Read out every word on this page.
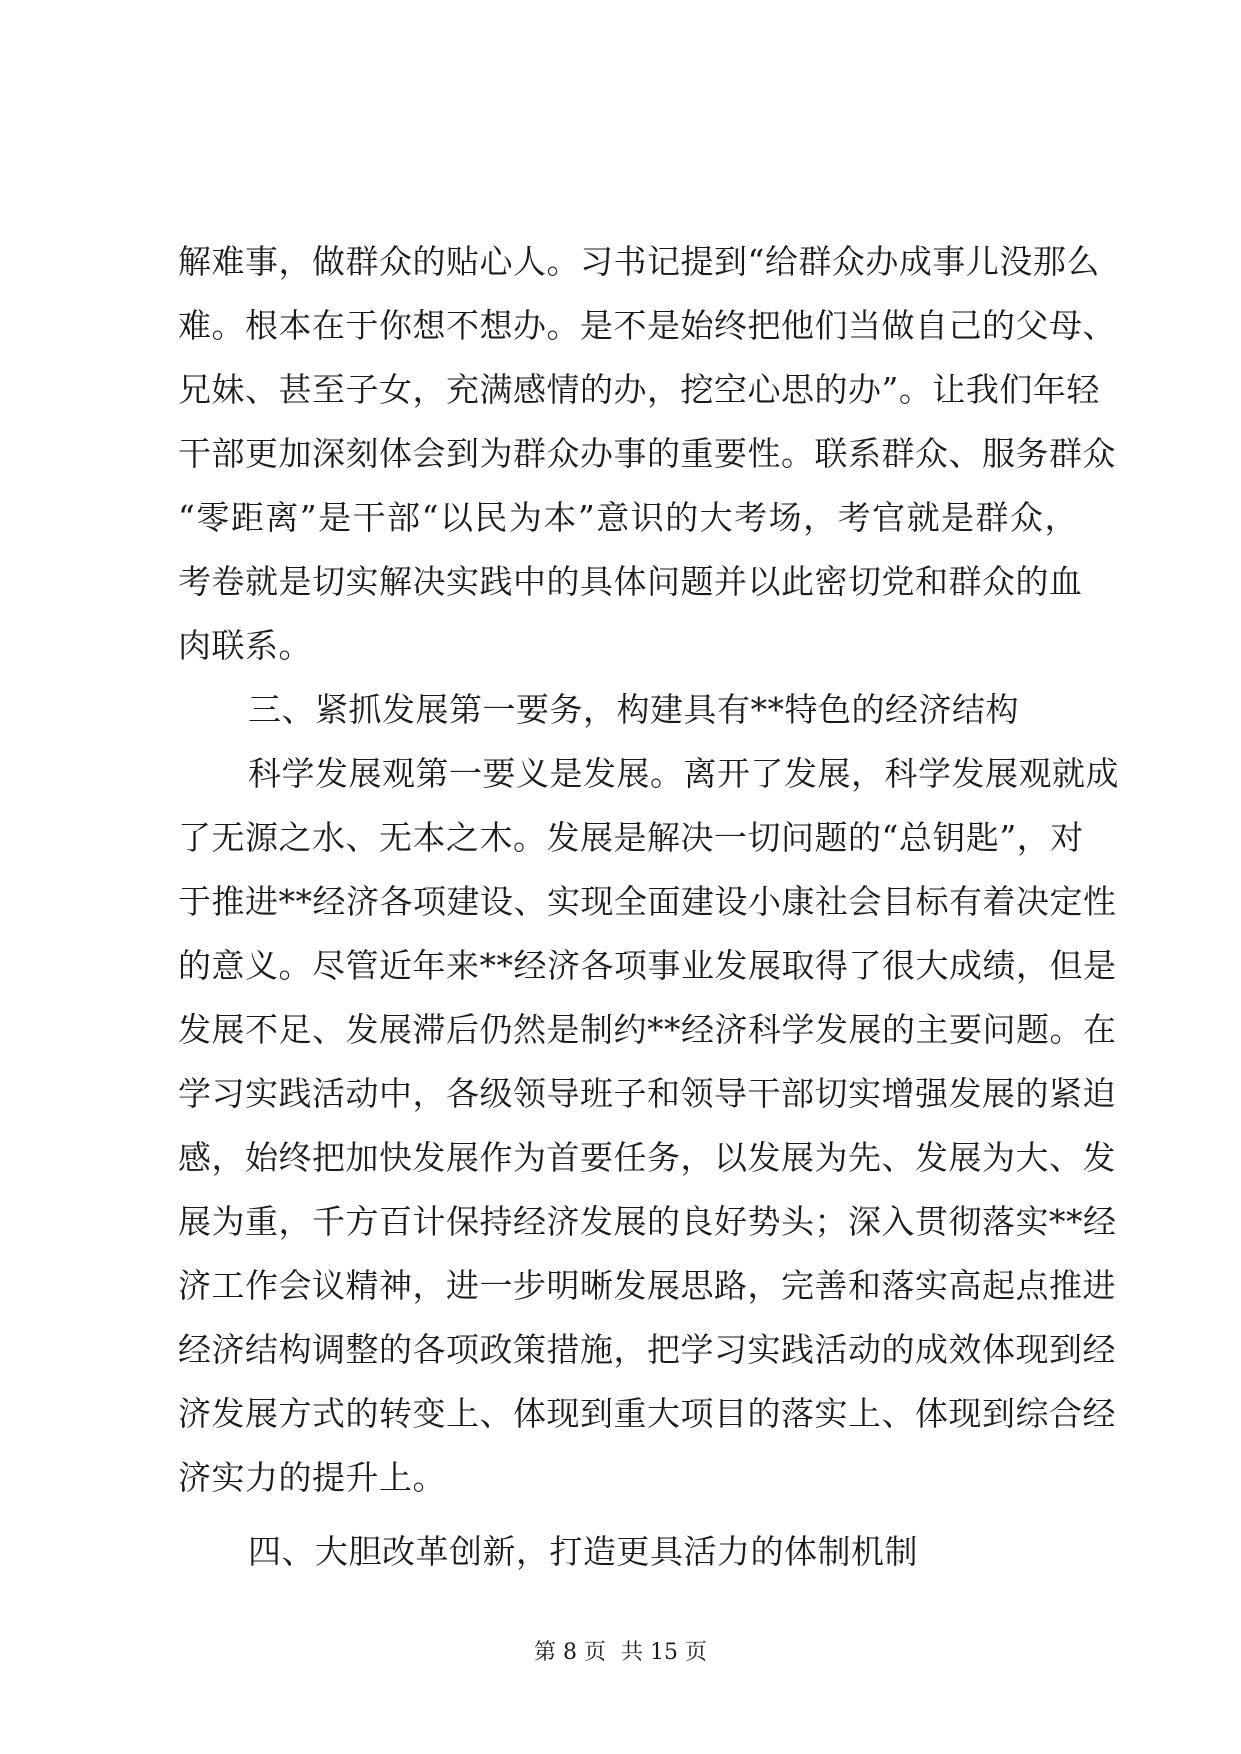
解难事，做群众的贴心人。习书记提到“给群众办成事儿没那么
难。根本在于你想不想办。是不是始终把他们当做自己的父母、
兄妹、甚至子女，充满感情的办，挖空心思的办”。让我们年轻
干部更加深刻体会到为群众办事的重要性。联系群众、服务群众
“零距离”是干部“以民为本”意识的大考场，考官就是群众，
考卷就是切实解决实践中的具体问题并以此密切党和群众的血
肉联系。
三、紧抓发展第一要务，构建具有**特色的经济结构
科学发展观第一要义是发展。离开了发展，科学发展观就成
了无源之水、无本之木。发展是解决一切问题的“总钥匙”，对
于推进**经济各项建设、实现全面建设小康社会目标有着决定性
的意义。尽管近年来**经济各项事业发展取得了很大成绩，但是
发展不足、发展滞后仍然是制约**经济科学发展的主要问题。在
学习实践活动中，各级领导班子和领导干部切实增强发展的紧迫
感，始终把加快发展作为首要任务，以发展为先、发展为大、发
展为重，千方百计保持经济发展的良好势头；深入贯彻落实**经
济工作会议精神，进一步明晰发展思路，完善和落实高起点推进
经济结构调整的各项政策措施，把学习实践活动的成效体现到经
济发展方式的转变上、体现到重大项目的落实上、体现到综合经
济实力的提升上。
四、大胆改革创新，打造更具活力的体制机制
第 8 页 共 15 页
